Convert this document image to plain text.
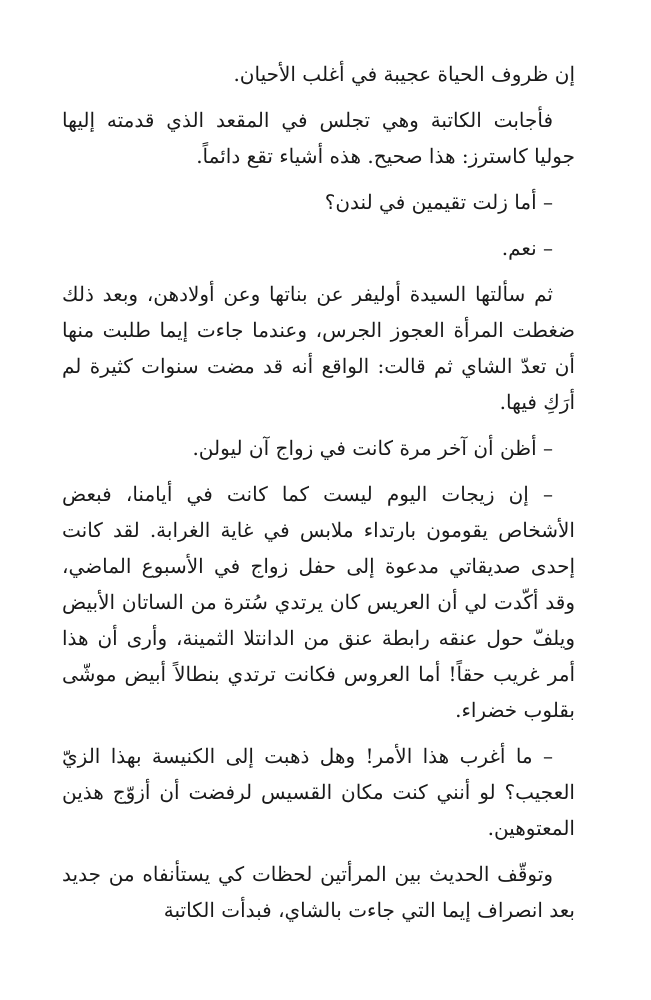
إن ظروف الحياة عجيبة في أغلب الأحيان.

فأجابت الكاتبة وهي تجلس في المقعد الذي قدمته إليها جوليا كاسترز: هذا صحيح. هذه أشياء تقع دائماً.

– أما زلت تقيمين في لندن؟

– نعم.

ثم سألتها السيدة أوليفر عن بناتها وعن أولادهن، وبعد ذلك ضغطت المرأة العجوز الجرس، وعندما جاءت إيما طلبت منها أن تعدّ الشاي ثم قالت: الواقع أنه قد مضت سنوات كثيرة لم أرَكِ فيها.

– أظن أن آخر مرة كانت في زواج آن ليولن.

– إن زيجات اليوم ليست كما كانت في أيامنا، فبعض الأشخاص يقومون بارتداء ملابس في غاية الغرابة. لقد كانت إحدى صديقاتي مدعوة إلى حفل زواج في الأسبوع الماضي، وقد أكّدت لي أن العريس كان يرتدي سُترة من الساتان الأبيض ويلفّ حول عنقه رابطة عنق من الدانتلا الثمينة، وأرى أن هذا أمر غريب حقاً! أما العروس فكانت ترتدي بنطالاً أبيض موشّى بقلوب خضراء.

– ما أغرب هذا الأمر! وهل ذهبت إلى الكنيسة بهذا الزيّ العجيب؟ لو أنني كنت مكان القسيس لرفضت أن أزوّج هذين المعتوهين.

وتوقّف الحديث بين المرأتين لحظات كي يستأنفاه من جديد بعد انصراف إيما التي جاءت بالشاي، فبدأت الكاتبة
